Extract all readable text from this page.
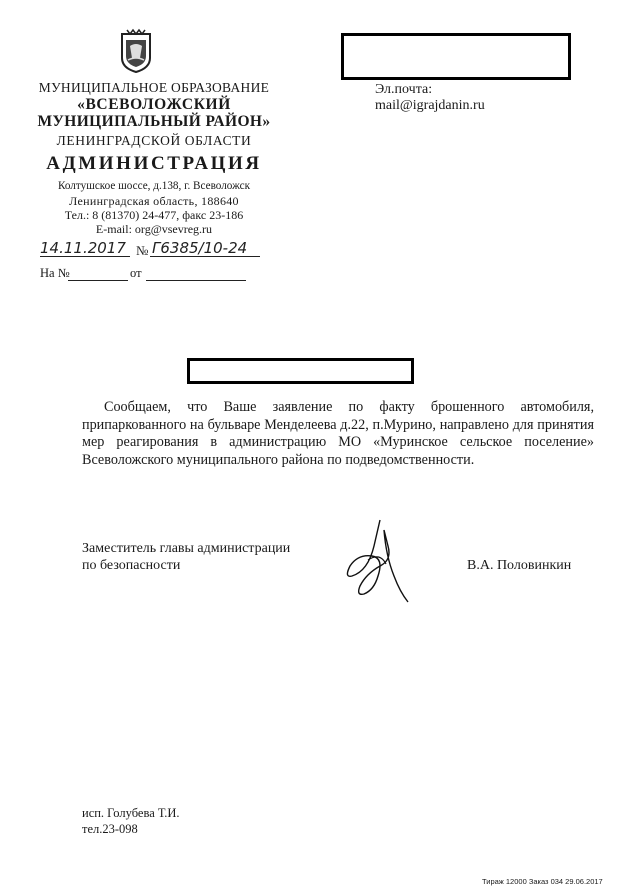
МУНИЦИПАЛЬНОЕ ОБРАЗОВАНИЕ
«ВСЕВОЛОЖСКИЙ
МУНИЦИПАЛЬНЫЙ РАЙОН»
ЛЕНИНГРАДСКОЙ ОБЛАСТИ
АДМИНИСТРАЦИЯ
Колтушское шоссе, д.138, г. Всеволожск
Ленинградская область, 188640
Тел.: 8 (81370) 24-477, факс 23-186
E-mail: org@vsevreg.ru
14.11.2017 № Г6385/10-24
На №	от
Эл.почта:
mail@igrajdanin.ru

Сообщаем, что Ваше заявление по факту брошенного автомобиля, припаркованного на бульваре Менделеева д.22, п.Мурино, направлено для принятия мер реагирования в администрацию МО «Муринское сельское поселение» Всеволожского муниципального района по подведомственности.

Заместитель главы администрации
по безопасности	В.А. Половинкин
исп. Голубева Т.И.
тел.23-098
Тираж 12000 Заказ 034 29.06.2017
